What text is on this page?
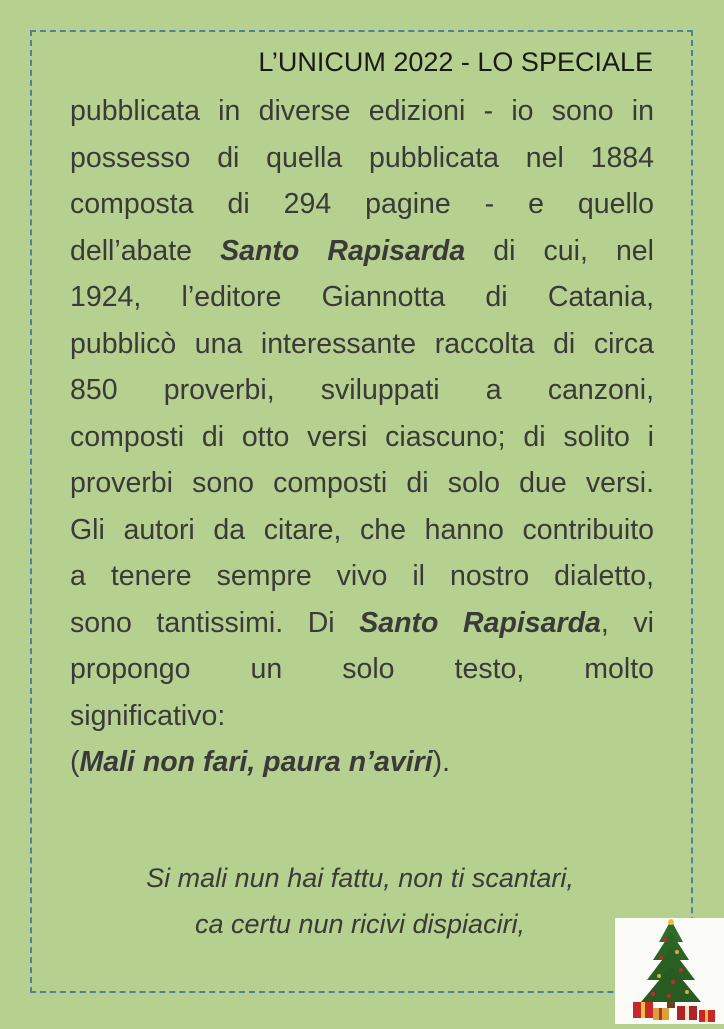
L’UNICUM 2022 - LO SPECIALE
pubblicata in diverse edizioni - io sono in
possesso di quella pubblicata nel 1884
composta di 294 pagine - e quello
dell’abate Santo Rapisarda di cui, nel
1924, l’editore Giannotta di Catania,
pubblicò una interessante raccolta di circa
850 proverbi, sviluppati a canzoni,
composti di otto versi ciascuno; di solito i
proverbi sono composti di solo due versi.
Gli autori da citare, che hanno contribuito
a tenere sempre vivo il nostro dialetto,
sono tantissimi. Di Santo Rapisarda, vi
propongo un solo testo, molto
significativo:
(Mali non fari, paura n’aviri).
Si mali nun hai fattu, non ti scantari,
ca certu nun ricivi dispiaciri,
